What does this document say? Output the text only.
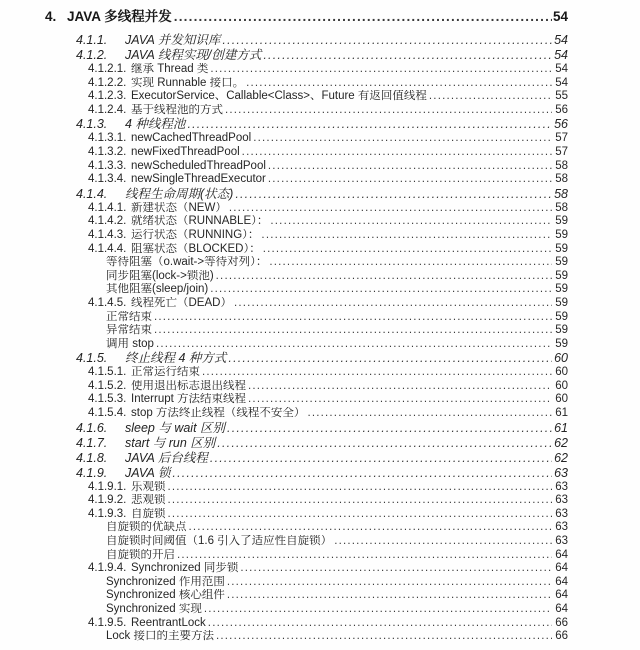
4. JAVA 多线程并发 .....	54
4.1.1.	JAVA 并发知识库 .....	54
4.1.2.	JAVA 线程实现/创建方式 .....	54
4.1.2.1. 继承 Thread 类 .....	54
4.1.2.2. 实现 Runnable 接口。 .....	54
4.1.2.3. ExecutorService、Callable<Class>、Future 有返回值线程 .....	55
4.1.2.4. 基于线程池的方式 .....	56
4.1.3.	4 种线程池 .....	56
4.1.3.1. newCachedThreadPool .....	57
4.1.3.2. newFixedThreadPool .....	57
4.1.3.3. newScheduledThreadPool .....	58
4.1.3.4. newSingleThreadExecutor .....	58
4.1.4.	线程生命周期(状态) .....	58
4.1.4.1. 新建状态（NEW） .....	58
4.1.4.2. 就绪状态（RUNNABLE）： .....	59
4.1.4.3. 运行状态（RUNNING）： .....	59
4.1.4.4. 阻塞状态（BLOCKED）： .....	59
等待阻塞（o.wait->等待对列）： .....	59
同步阻塞(lock->锁池) .....	59
其他阻塞(sleep/join) .....	59
4.1.4.5. 线程死亡（DEAD） .....	59
正常结束 .....	59
异常结束 .....	59
调用 stop .....	59
4.1.5.	终止线程 4 种方式 .....	60
4.1.5.1. 正常运行结束 .....	60
4.1.5.2. 使用退出标志退出线程 .....	60
4.1.5.3. Interrupt 方法结束线程 .....	60
4.1.5.4. stop 方法终止线程（线程不安全） .....	61
4.1.6.	sleep 与 wait 区别 .....	61
4.1.7.	start 与 run 区别 .....	62
4.1.8.	JAVA 后台线程 .....	62
4.1.9.	JAVA 锁 .....	63
4.1.9.1. 乐观锁 .....	63
4.1.9.2. 悲观锁 .....	63
4.1.9.3. 自旋锁 .....	63
自旋锁的优缺点 .....	63
自旋锁时间阈值（1.6 引入了适应性自旋锁） .....	63
自旋锁的开启 .....	64
4.1.9.4. Synchronized 同步锁 .....	64
Synchronized 作用范围 .....	64
Synchronized 核心组件 .....	64
Synchronized 实现 .....	64
4.1.9.5. ReentrantLock .....	66
Lock 接口的主要方法 .....	66
